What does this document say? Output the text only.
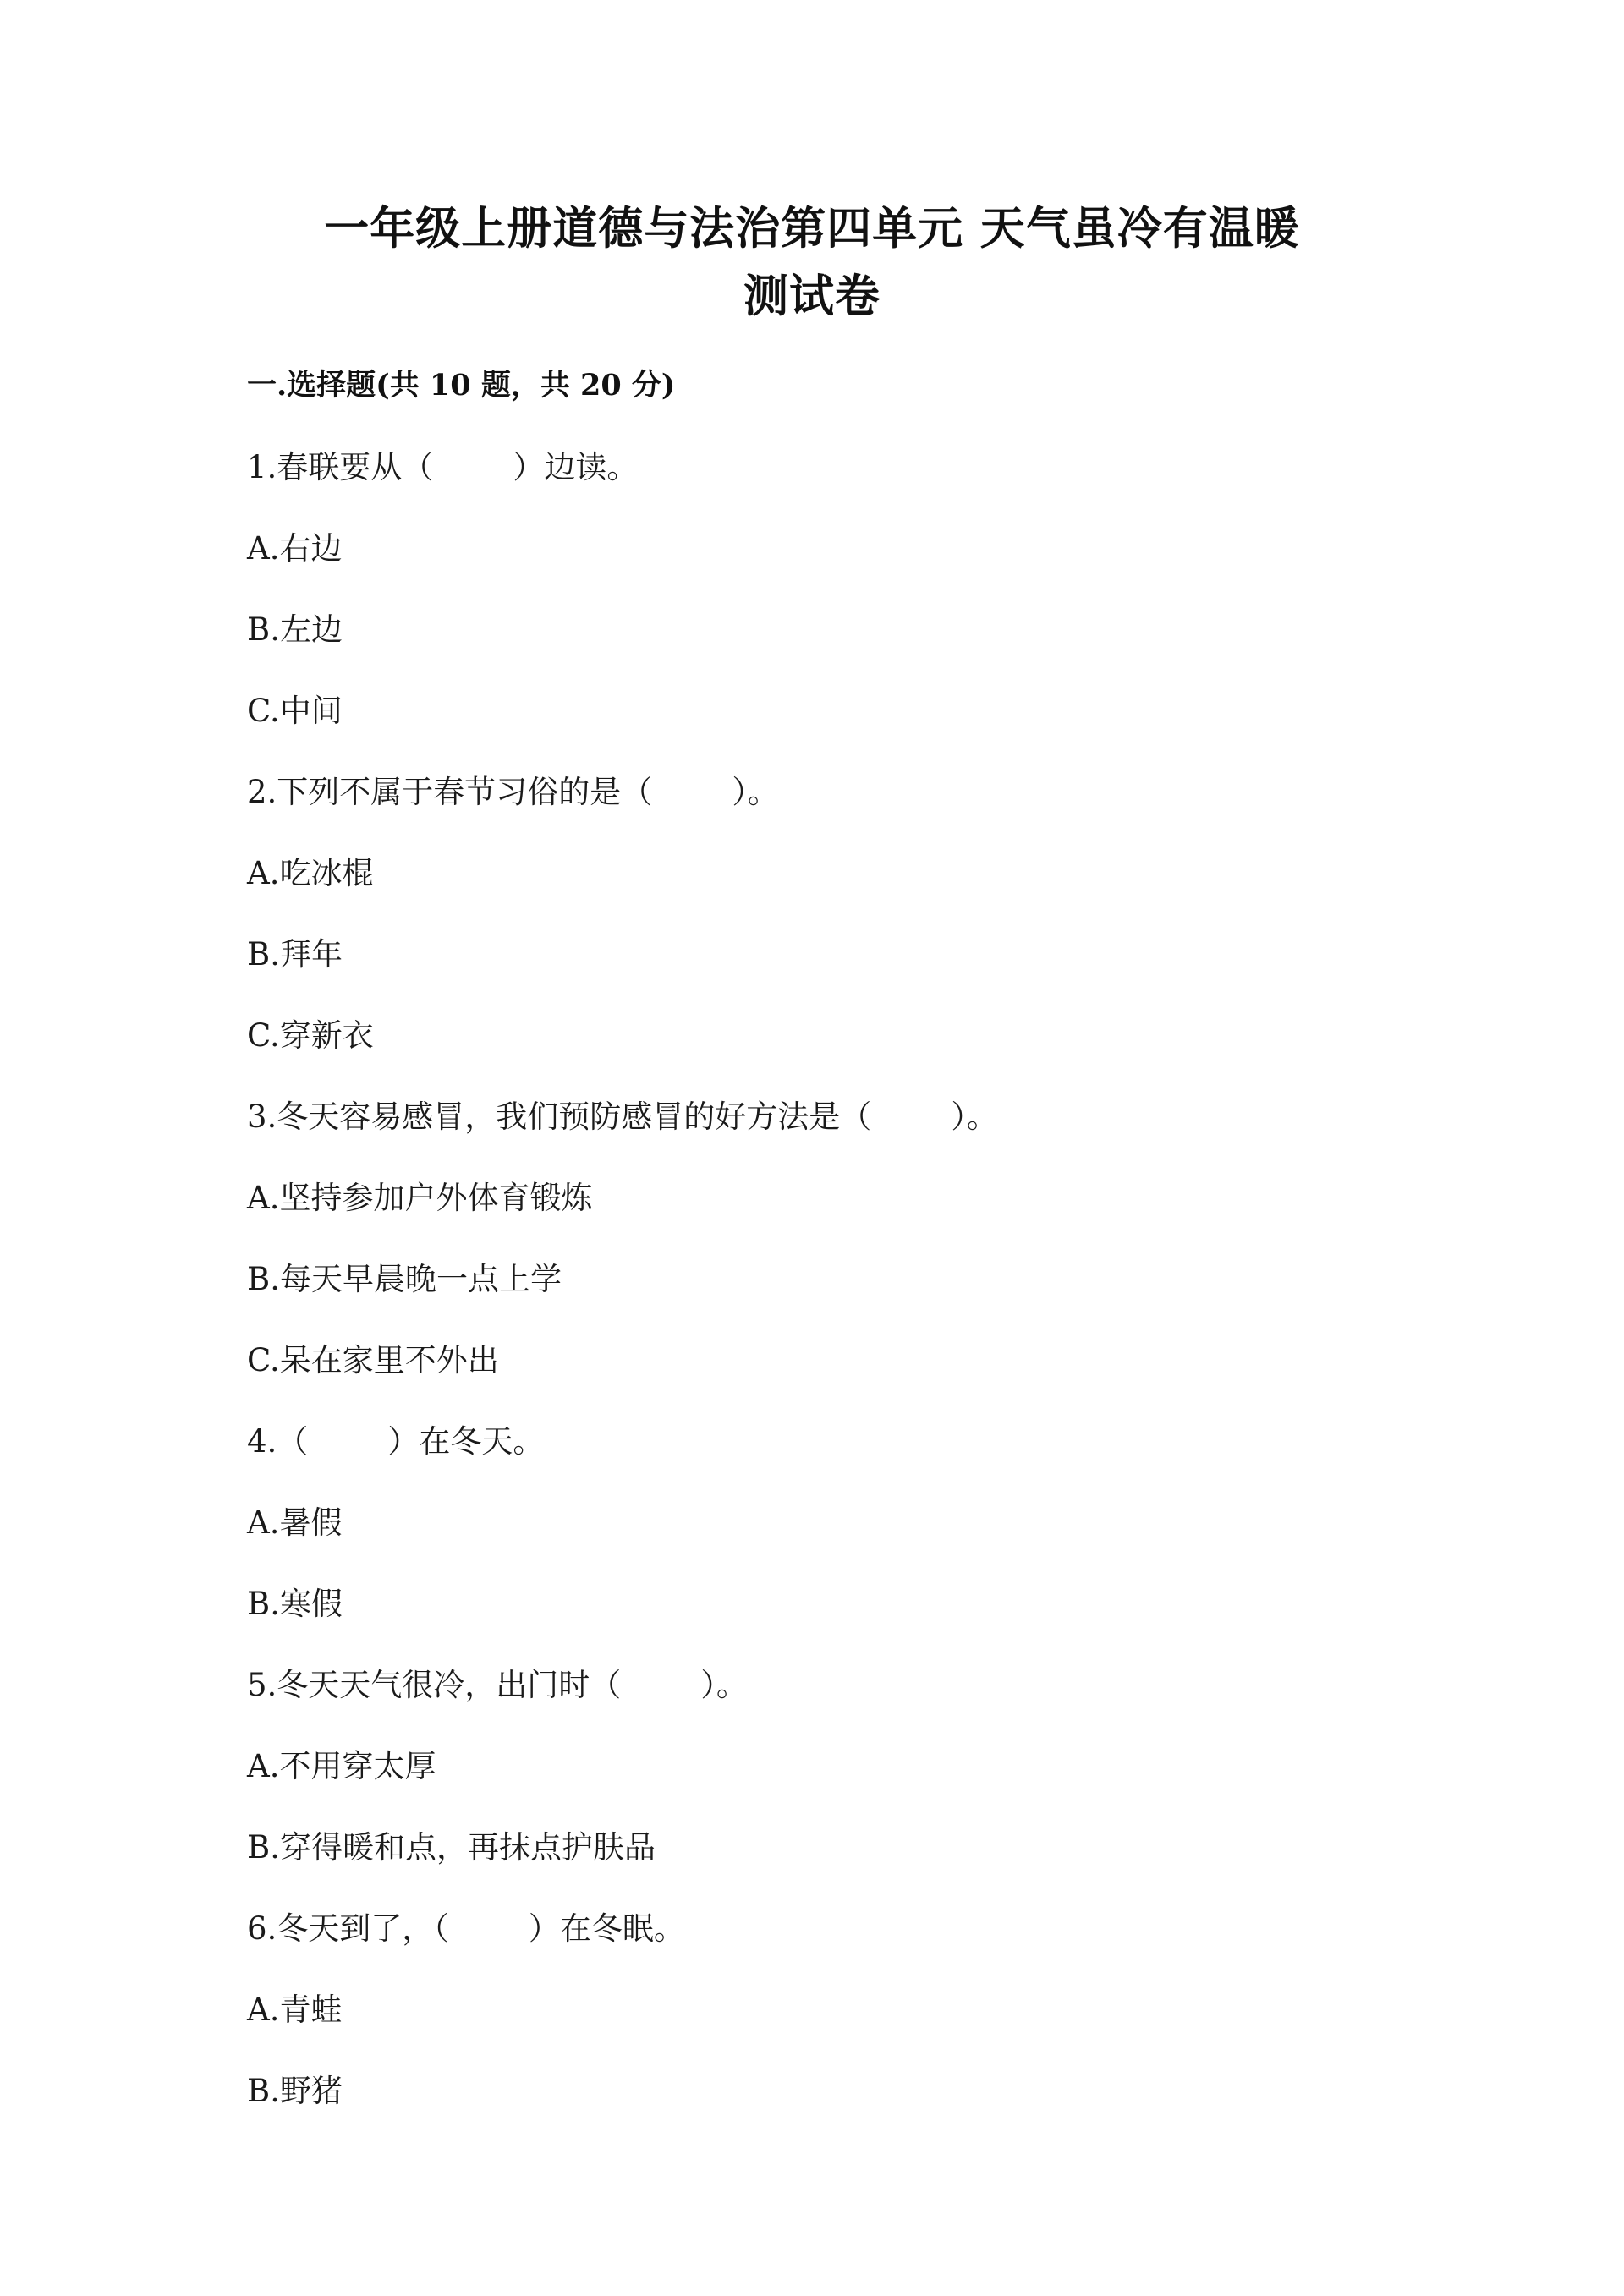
一年级上册道德与法治第四单元 天气虽冷有温暖
测试卷
一.选择题(共 10 题，共 20 分)
1.春联要从（        ）边读。
A.右边
B.左边
C.中间
2.下列不属于春节习俗的是（        ）。
A.吃冰棍
B.拜年
C.穿新衣
3.冬天容易感冒，我们预防感冒的好方法是（        ）。
A.坚持参加户外体育锻炼
B.每天早晨晚一点上学
C.呆在家里不外出
4.（        ）在冬天。
A.暑假
B.寒假
5.冬天天气很冷，出门时（        ）。
A.不用穿太厚
B.穿得暖和点，再抹点护肤品
6.冬天到了，（        ）在冬眠。
A.青蛙
B.野猪
